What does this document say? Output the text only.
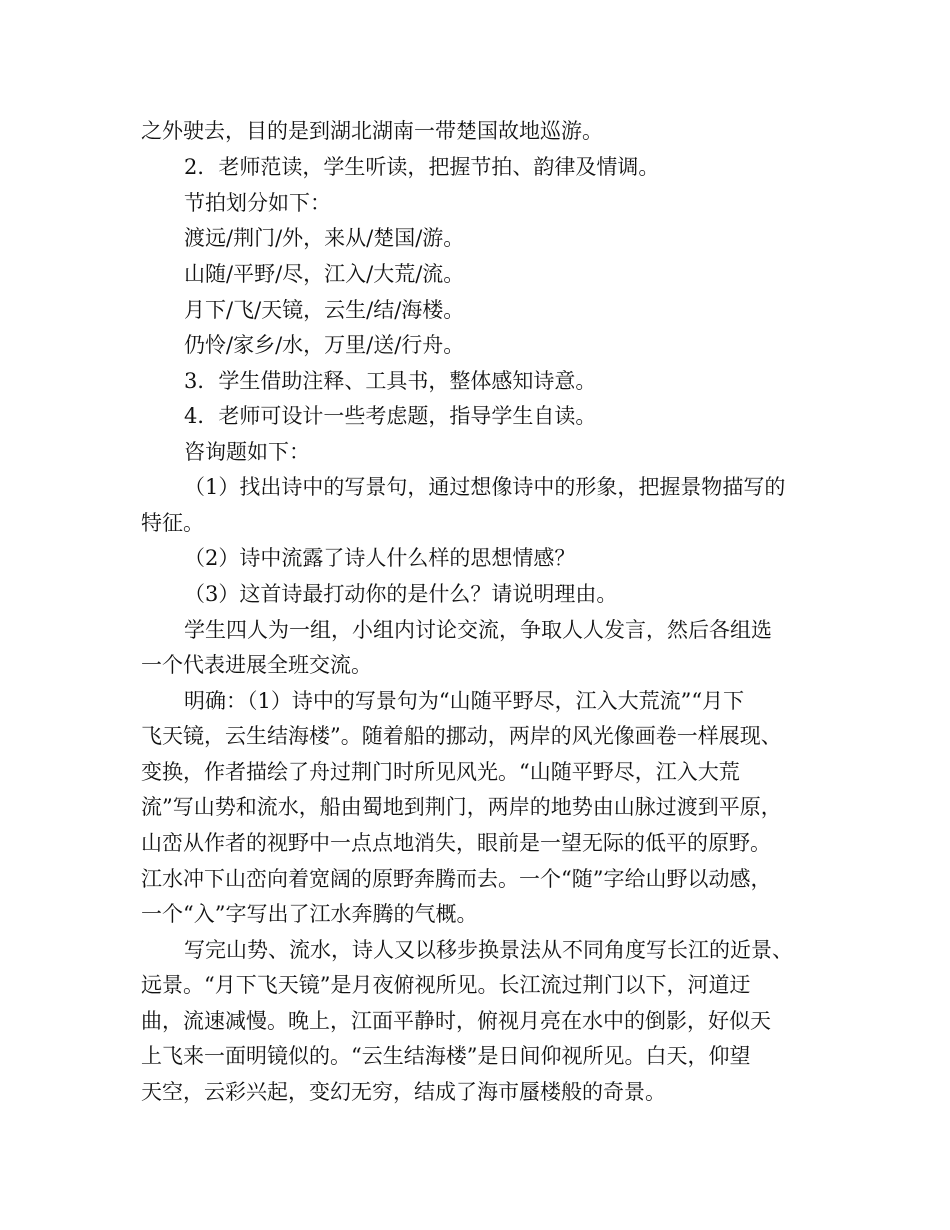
之外驶去，目的是到湖北湖南一带楚国故地巡游。
2．老师范读，学生听读，把握节拍、韵律及情调。
节拍划分如下：
渡远/荆门/外，来从/楚国/游。
山随/平野/尽，江入/大荒/流。
月下/飞/天镜，云生/结/海楼。
仍怜/家乡/水，万里/送/行舟。
3．学生借助注释、工具书，整体感知诗意。
4．老师可设计一些考虑题，指导学生自读。
咨询题如下：
（1）找出诗中的写景句，通过想像诗中的形象，把握景物描写的
特征。
（2）诗中流露了诗人什么样的思想情感？
（3）这首诗最打动你的是什么？请说明理由。
学生四人为一组，小组内讨论交流，争取人人发言，然后各组选
一个代表进展全班交流。
明确：（1）诗中的写景句为“山随平野尽，江入大荒流”“月下
飞天镜，云生结海楼”。随着船的挪动，两岸的风光像画卷一样展现、
变换，作者描绘了舟过荆门时所见风光。“山随平野尽，江入大荒
流”写山势和流水，船由蜀地到荆门，两岸的地势由山脉过渡到平原，
山峦从作者的视野中一点点地消失，眼前是一望无际的低平的原野。
江水冲下山峦向着宽阔的原野奔腾而去。一个“随”字给山野以动感，
一个“入”字写出了江水奔腾的气概。
写完山势、流水，诗人又以移步换景法从不同角度写长江的近景、
远景。“月下飞天镜”是月夜俯视所见。长江流过荆门以下，河道迂
曲，流速减慢。晚上，江面平静时，俯视月亮在水中的倒影，好似天
上飞来一面明镜似的。“云生结海楼”是日间仰视所见。白天，仰望
天空，云彩兴起，变幻无穷，结成了海市蜃楼般的奇景。
